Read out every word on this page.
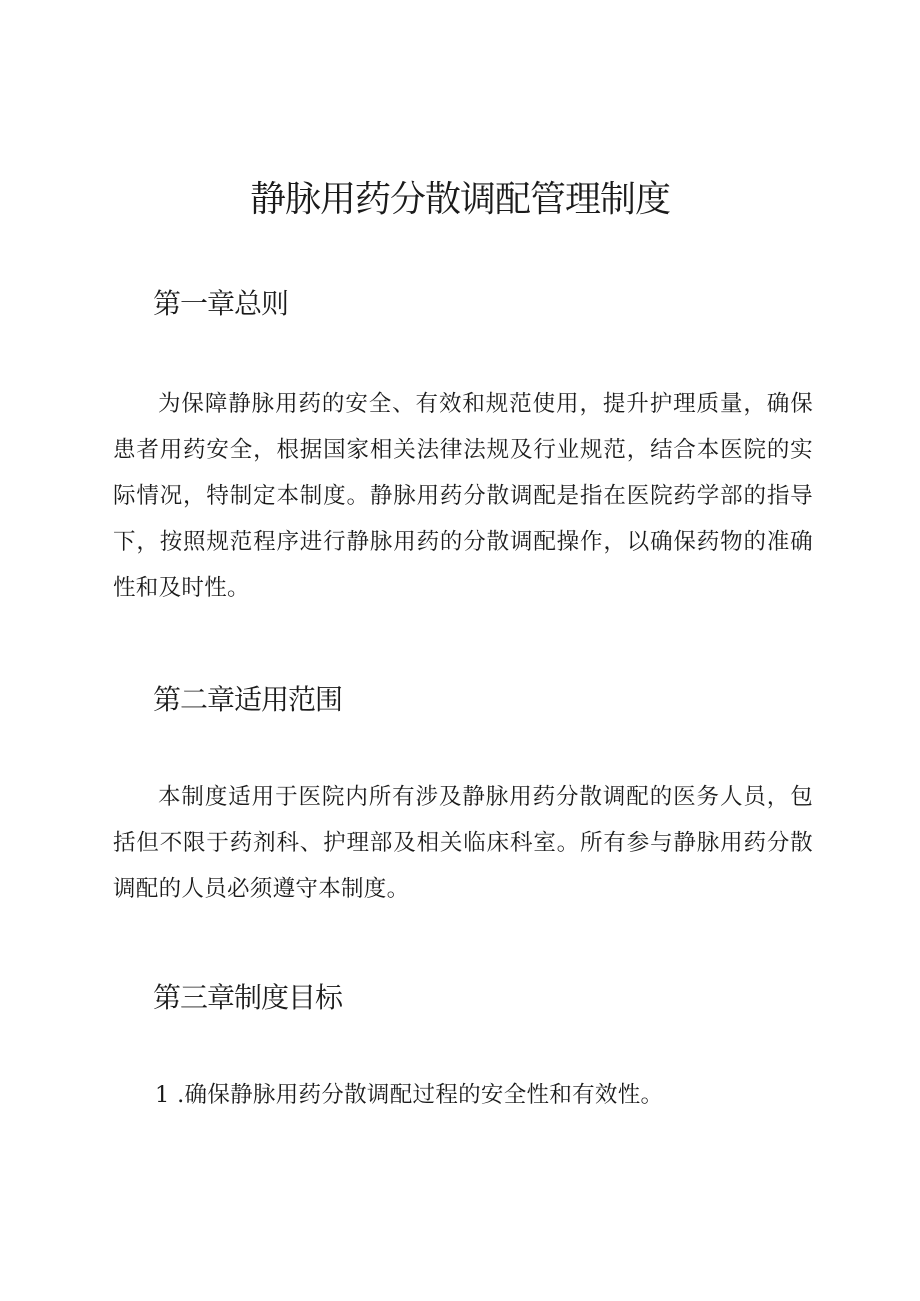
静脉用药分散调配管理制度
第一章总则

为保障静脉用药的安全、有效和规范使用，提升护理质量，确保患者用药安全，根据国家相关法律法规及行业规范，结合本医院的实际情况，特制定本制度。静脉用药分散调配是指在医院药学部的指导下，按照规范程序进行静脉用药的分散调配操作，以确保药物的准确性和及时性。

第二章适用范围

本制度适用于医院内所有涉及静脉用药分散调配的医务人员，包括但不限于药剂科、护理部及相关临床科室。所有参与静脉用药分散调配的人员必须遵守本制度。

第三章制度目标

1 .确保静脉用药分散调配过程的安全性和有效性。
